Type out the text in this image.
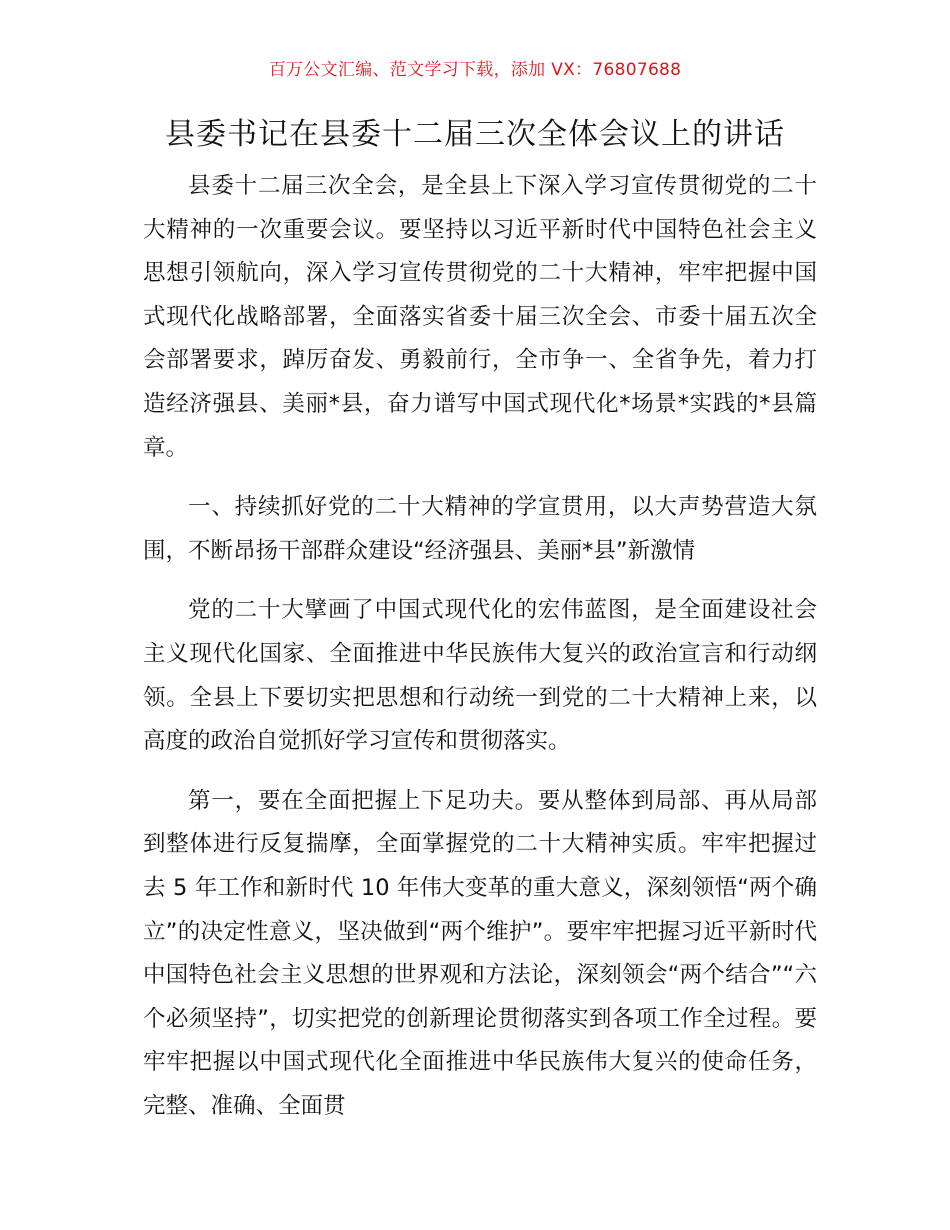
百万公文汇编、范文学习下载，添加 VX：76807688
县委书记在县委十二届三次全体会议上的讲话

县委十二届三次全会，是全县上下深入学习宣传贯彻党的二十大精神的一次重要会议。要坚持以习近平新时代中国特色社会主义思想引领航向，深入学习宣传贯彻党的二十大精神，牢牢把握中国式现代化战略部署，全面落实省委十届三次全会、市委十届五次全会部署要求，踔厉奋发、勇毅前行，全市争一、全省争先，着力打造经济强县、美丽*县，奋力谱写中国式现代化*场景*实践的*县篇章。

一、持续抓好党的二十大精神的学宣贯用，以大声势营造大氛围，不断昂扬干部群众建设“经济强县、美丽*县”新激情

党的二十大擘画了中国式现代化的宏伟蓝图，是全面建设社会主义现代化国家、全面推进中华民族伟大复兴的政治宣言和行动纲领。全县上下要切实把思想和行动统一到党的二十大精神上来，以高度的政治自觉抓好学习宣传和贯彻落实。

第一，要在全面把握上下足功夫。要从整体到局部、再从局部到整体进行反复揣摩，全面掌握党的二十大精神实质。牢牢把握过去 5 年工作和新时代 10 年伟大变革的重大意义，深刻领悟“两个确立”的决定性意义，坚决做到“两个维护”。要牢牢把握习近平新时代中国特色社会主义思想的世界观和方法论，深刻领会“两个结合”“六个必须坚持”，切实把党的创新理论贯彻落实到各项工作全过程。要牢牢把握以中国式现代化全面推进中华民族伟大复兴的使命任务，完整、准确、全面贯
